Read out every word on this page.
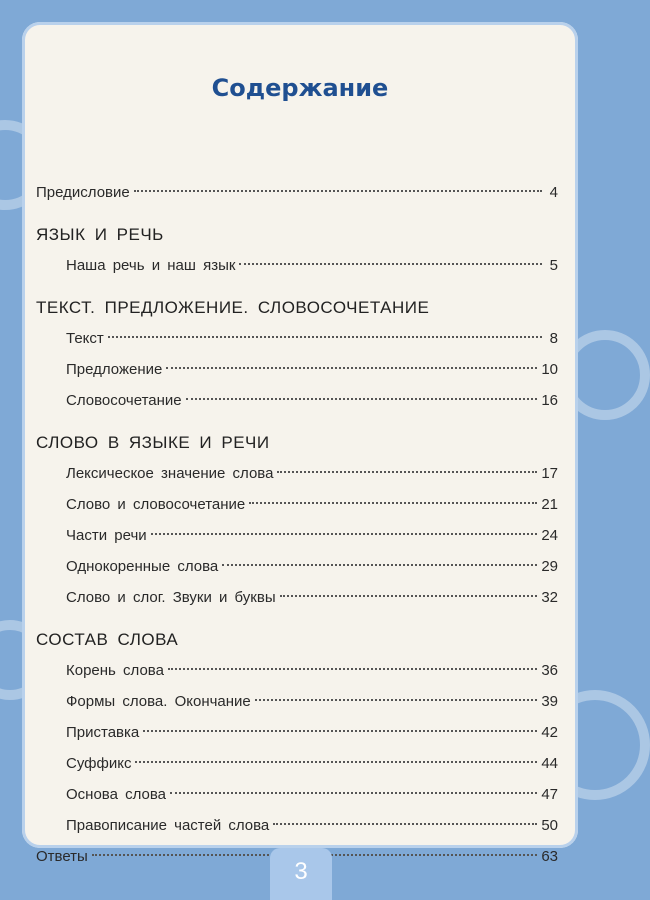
Содержание
Предисловие	4
ЯЗЫК И РЕЧЬ
Наша речь и наш язык	5
ТЕКСТ. ПРЕДЛОЖЕНИЕ. СЛОВОСОЧЕТАНИЕ
Текст	8
Предложение	10
Словосочетание	16
СЛОВО В ЯЗЫКЕ И РЕЧИ
Лексическое значение слова	17
Слово и словосочетание	21
Части речи	24
Однокоренные слова	29
Слово и слог. Звуки и буквы	32
СОСТАВ СЛОВА
Корень слова	36
Формы слова. Окончание	39
Приставка	42
Суффикс	44
Основа слова	47
Правописание частей слова	50
Ответы	63
3
